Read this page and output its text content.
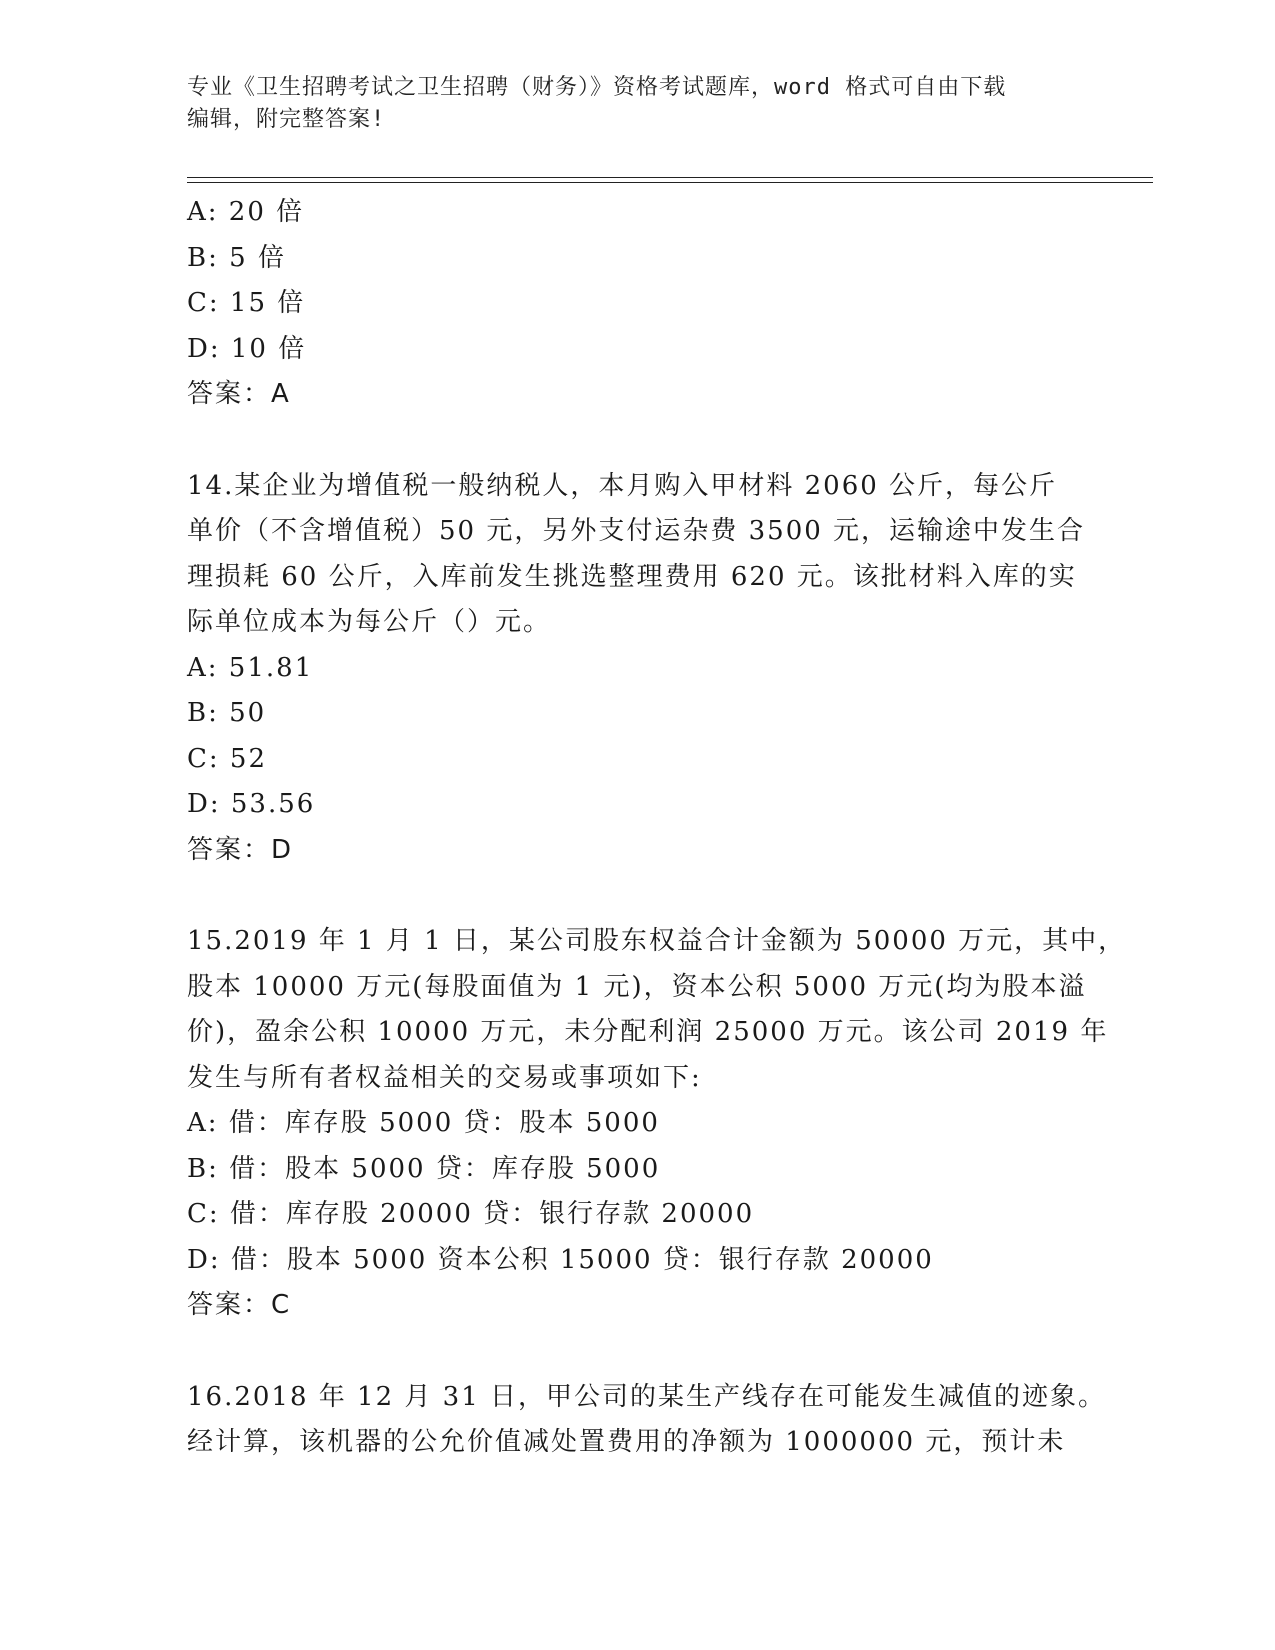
专业《卫生招聘考试之卫生招聘（财务）》资格考试题库，word 格式可自由下载
编辑，附完整答案!
A: 20 倍
B: 5 倍
C: 15 倍
D: 10 倍
答案：A
14.某企业为增值税一般纳税人，本月购入甲材料 2060 公斤，每公斤
单价（不含增值税）50 元，另外支付运杂费 3500 元，运输途中发生合
理损耗 60 公斤，入库前发生挑选整理费用 620 元。该批材料入库的实
际单位成本为每公斤（）元。
A: 51.81
B: 50
C: 52
D: 53.56
答案：D
15.2019 年 1 月 1 日，某公司股东权益合计金额为 50000 万元，其中，
股本 10000 万元(每股面值为 1 元)，资本公积 5000 万元(均为股本溢
价)，盈余公积 10000 万元，未分配利润 25000 万元。该公司 2019 年
发生与所有者权益相关的交易或事项如下:
A: 借：库存股 5000 贷：股本 5000
B: 借：股本 5000 贷：库存股 5000
C: 借：库存股 20000 贷：银行存款 20000
D: 借：股本 5000 资本公积 15000 贷：银行存款 20000
答案：C
16.2018 年 12 月 31 日，甲公司的某生产线存在可能发生减值的迹象。
经计算，该机器的公允价值减处置费用的净额为 1000000 元，预计未
